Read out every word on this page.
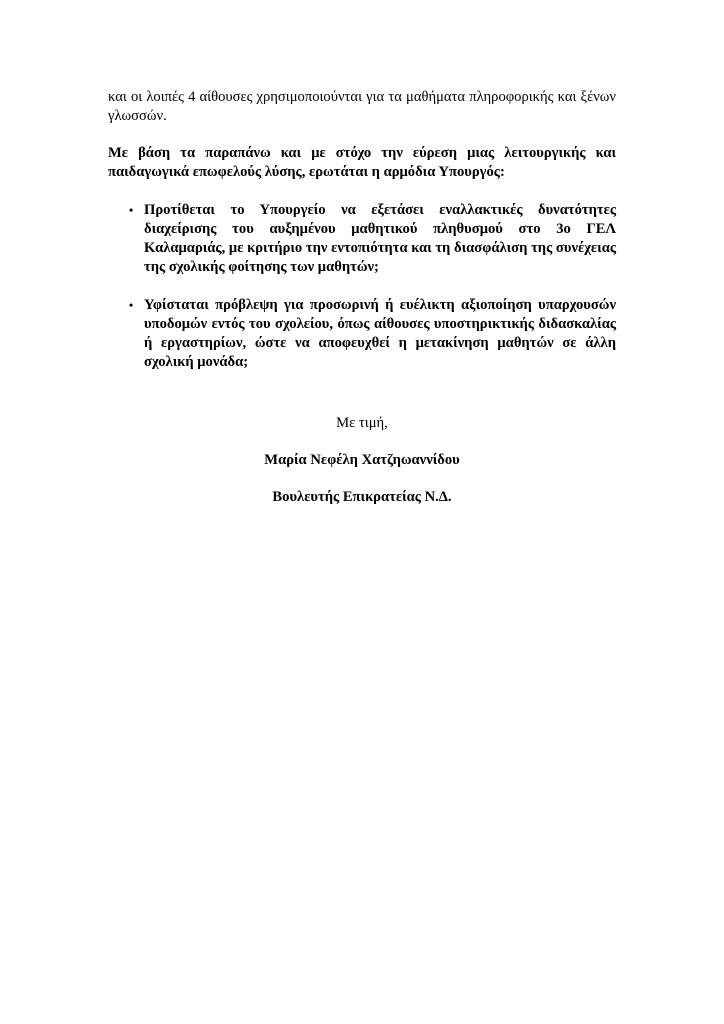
και οι λοιπές 4 αίθουσες χρησιμοποιούνται για τα μαθήματα πληροφορικής και ξένων γλωσσών.

Με βάση τα παραπάνω και με στόχο την εύρεση μιας λειτουργικής και παιδαγωγικά επωφελούς λύσης, ερωτάται η αρμόδια Υπουργός:

• Προτίθεται το Υπουργείο να εξετάσει εναλλακτικές δυνατότητες διαχείρισης του αυξημένου μαθητικού πληθυσμού στο 3ο ΓΕΛ Καλαμαριάς, με κριτήριο την εντοπιότητα και τη διασφάλιση της συνέχειας της σχολικής φοίτησης των μαθητών;
• Υφίσταται πρόβλεψη για προσωρινή ή ευέλικτη αξιοποίηση υπαρχουσών υποδομών εντός του σχολείου, όπως αίθουσες υποστηρικτικής διδασκαλίας ή εργαστηρίων, ώστε να αποφευχθεί η μετακίνηση μαθητών σε άλλη σχολική μονάδα;
Με τιμή,
Μαρία Νεφέλη Χατζηωαννίδου
Βουλευτής Επικρατείας Ν.Δ.
